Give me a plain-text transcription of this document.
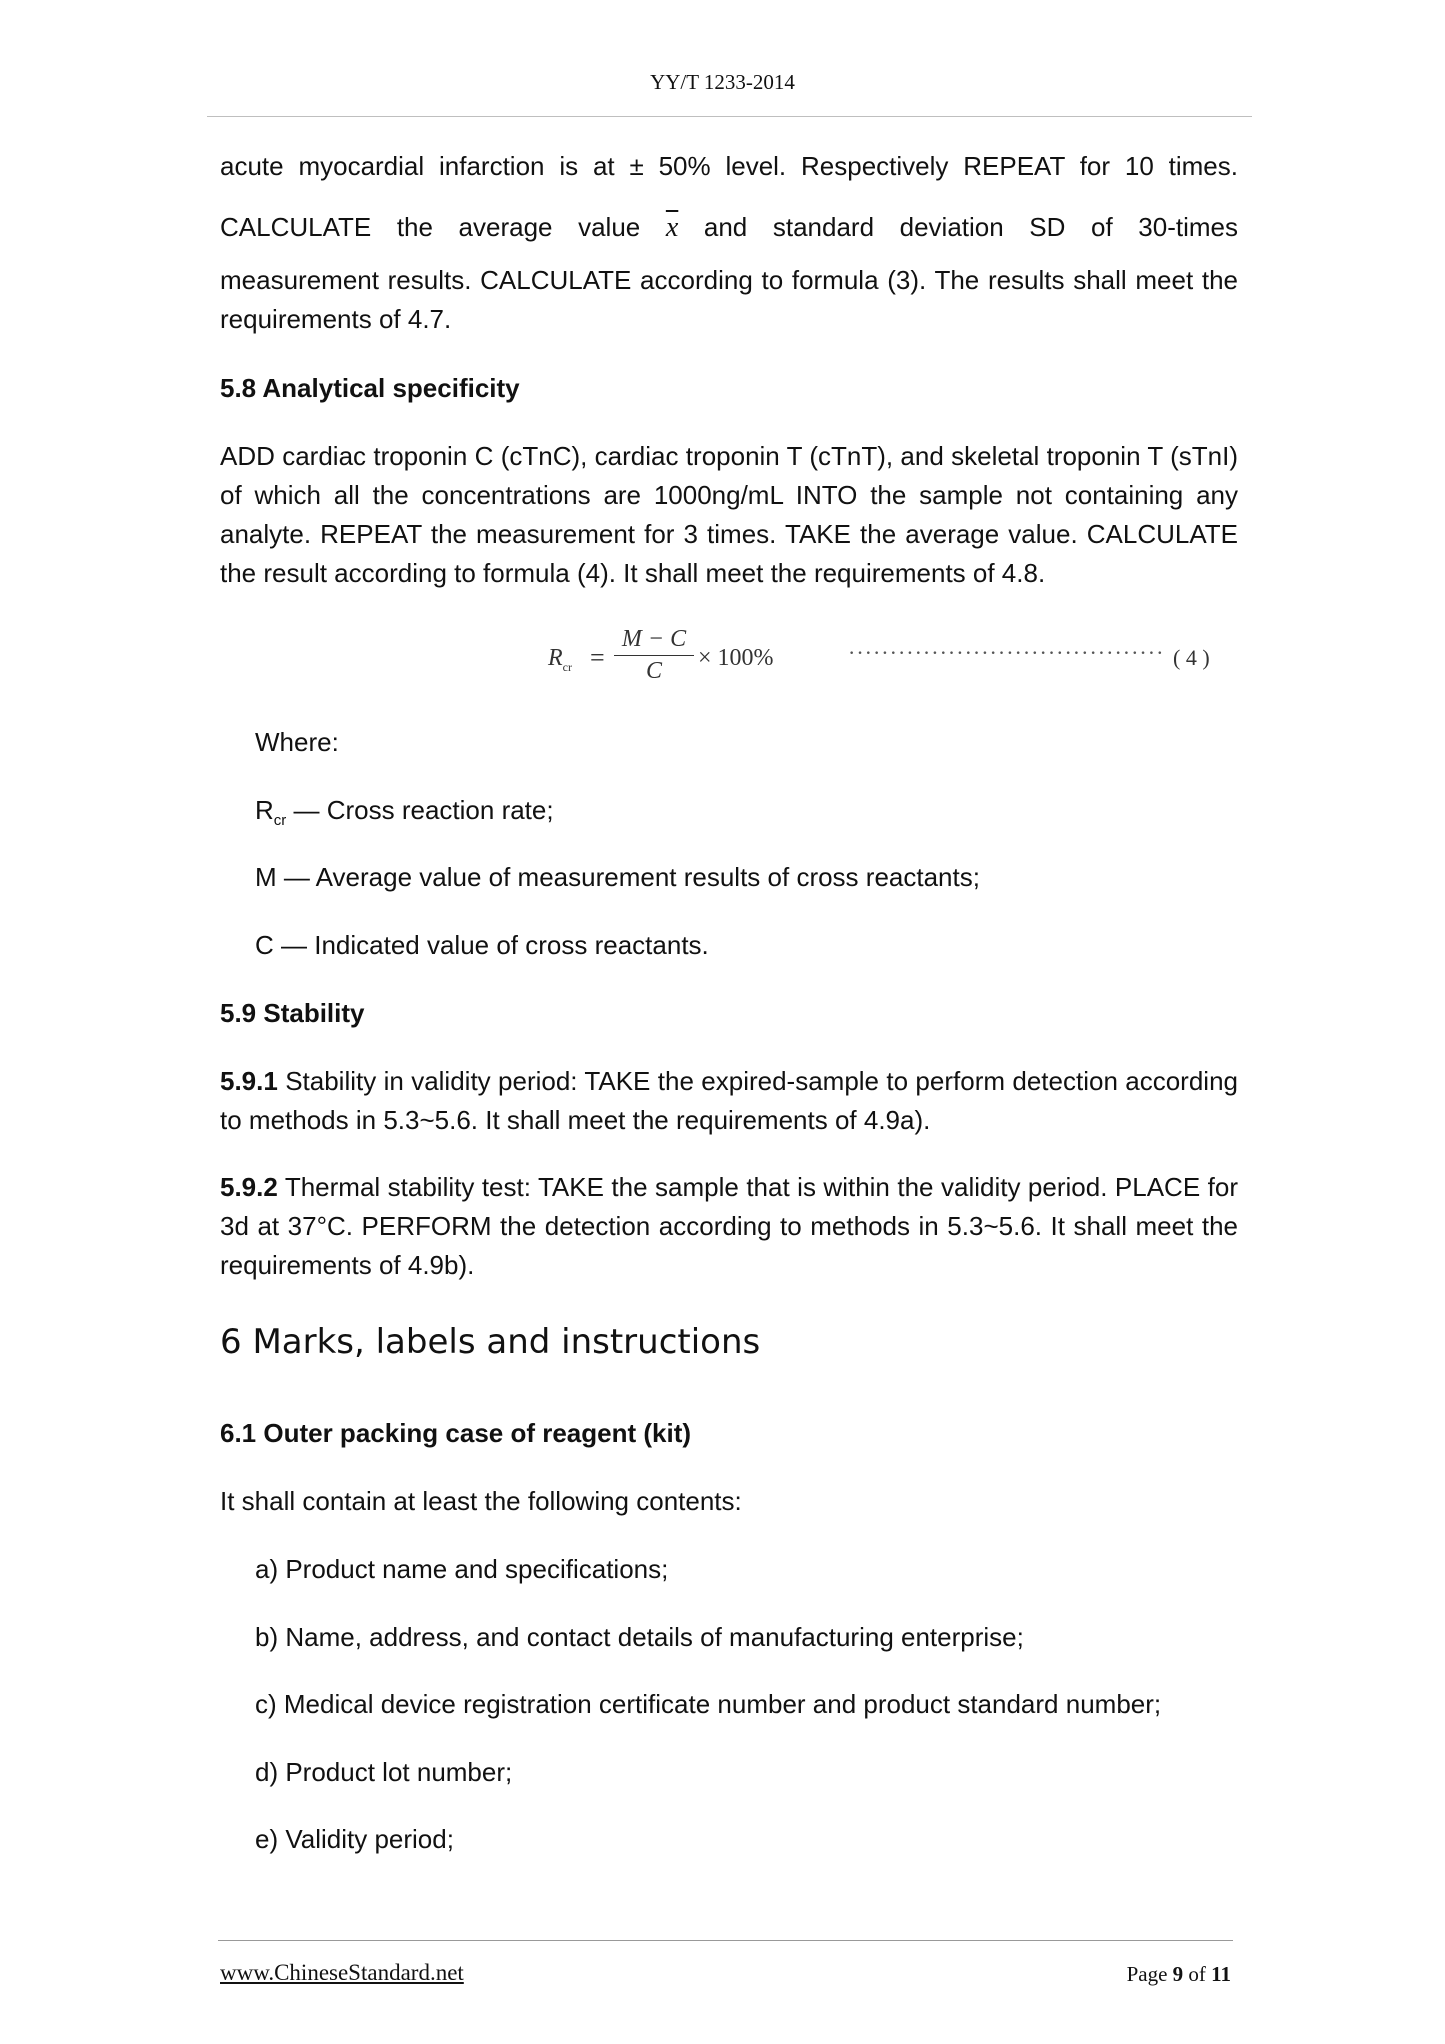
YY/T 1233-2014
acute myocardial infarction is at ± 50% level. Respectively REPEAT for 10 times.
CALCULATE the average value $\overline{x}$ and standard deviation SD of 30-times
measurement results. CALCULATE according to formula (3). The results shall meet the requirements of 4.7.
5.8 Analytical specificity
ADD cardiac troponin C (cTnC), cardiac troponin T (cTnT), and skeletal troponin T (sTnI) of which all the concentrations are 1000ng/mL INTO the sample not containing any analyte. REPEAT the measurement for 3 times. TAKE the average value. CALCULATE the result according to formula (4). It shall meet the requirements of 4.8.
$R_{cr} = \frac{M - C}{C} \times 100\%$	······································ ( 4 )
Where:
$R_{cr}$ — Cross reaction rate;
M — Average value of measurement results of cross reactants;
C — Indicated value of cross reactants.
5.9 Stability
5.9.1 Stability in validity period: TAKE the expired-sample to perform detection according to methods in 5.3~5.6. It shall meet the requirements of 4.9a).
5.9.2 Thermal stability test: TAKE the sample that is within the validity period. PLACE for 3d at 37°C. PERFORM the detection according to methods in 5.3~5.6. It shall meet the requirements of 4.9b).
6 Marks, labels and instructions
6.1 Outer packing case of reagent (kit)
It shall contain at least the following contents:
a) Product name and specifications;
b) Name, address, and contact details of manufacturing enterprise;
c) Medical device registration certificate number and product standard number;
d) Product lot number;
e) Validity period;
www.ChineseStandard.net	Page 9 of 11
